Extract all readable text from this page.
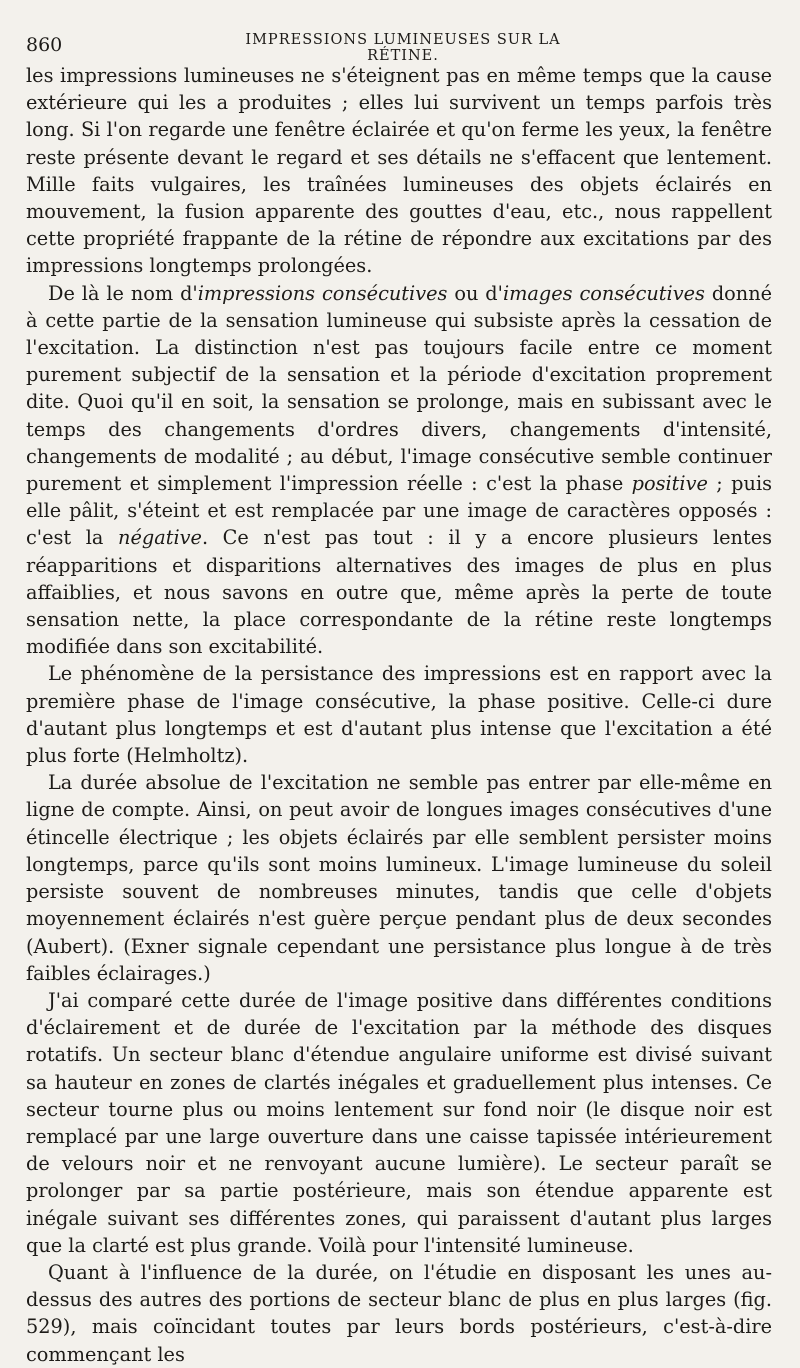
860	IMPRESSIONS LUMINEUSES SUR LA RÉTINE.

les impressions lumineuses ne s'éteignent pas en même temps que la cause extérieure qui les a produites ; elles lui survivent un temps parfois très long. Si l'on regarde une fenêtre éclairée et qu'on ferme les yeux, la fenêtre reste présente devant le regard et ses détails ne s'effacent que lentement. Mille faits vulgaires, les traînées lumineuses des objets éclairés en mouvement, la fusion apparente des gouttes d'eau, etc., nous rappellent cette propriété frappante de la rétine de répondre aux excitations par des impressions longtemps prolongées.

De là le nom d'impressions consécutives ou d'images consécutives donné à cette partie de la sensation lumineuse qui subsiste après la cessation de l'excitation. La distinction n'est pas toujours facile entre ce moment purement subjectif de la sensation et la période d'excitation proprement dite. Quoi qu'il en soit, la sensation se prolonge, mais en subissant avec le temps des changements d'ordres divers, changements d'intensité, changements de modalité ; au début, l'image consécutive semble continuer purement et simplement l'impression réelle : c'est la phase positive ; puis elle pâlit, s'éteint et est remplacée par une image de caractères opposés : c'est la négative. Ce n'est pas tout : il y a encore plusieurs lentes réapparitions et disparitions alternatives des images de plus en plus affaiblies, et nous savons en outre que, même après la perte de toute sensation nette, la place correspondante de la rétine reste longtemps modifiée dans son excitabilité.

Le phénomène de la persistance des impressions est en rapport avec la première phase de l'image consécutive, la phase positive. Celle-ci dure d'autant plus longtemps et est d'autant plus intense que l'excitation a été plus forte (Helmholtz).

La durée absolue de l'excitation ne semble pas entrer par elle-même en ligne de compte. Ainsi, on peut avoir de longues images consécutives d'une étincelle électrique ; les objets éclairés par elle semblent persister moins longtemps, parce qu'ils sont moins lumineux. L'image lumineuse du soleil persiste souvent de nombreuses minutes, tandis que celle d'objets moyennement éclairés n'est guère perçue pendant plus de deux secondes (Aubert). (Exner signale cependant une persistance plus longue à de très faibles éclairages.)

J'ai comparé cette durée de l'image positive dans différentes conditions d'éclairement et de durée de l'excitation par la méthode des disques rotatifs. Un secteur blanc d'étendue angulaire uniforme est divisé suivant sa hauteur en zones de clartés inégales et graduellement plus intenses. Ce secteur tourne plus ou moins lentement sur fond noir (le disque noir est remplacé par une large ouverture dans une caisse tapissée intérieurement de velours noir et ne renvoyant aucune lumière). Le secteur paraît se prolonger par sa partie postérieure, mais son étendue apparente est inégale suivant ses différentes zones, qui paraissent d'autant plus larges que la clarté est plus grande. Voilà pour l'intensité lumineuse.

Quant à l'influence de la durée, on l'étudie en disposant les unes au-dessus des autres des portions de secteur blanc de plus en plus larges (fig. 529), mais coïncidant toutes par leurs bords postérieurs, c'est-à-dire commençant les
